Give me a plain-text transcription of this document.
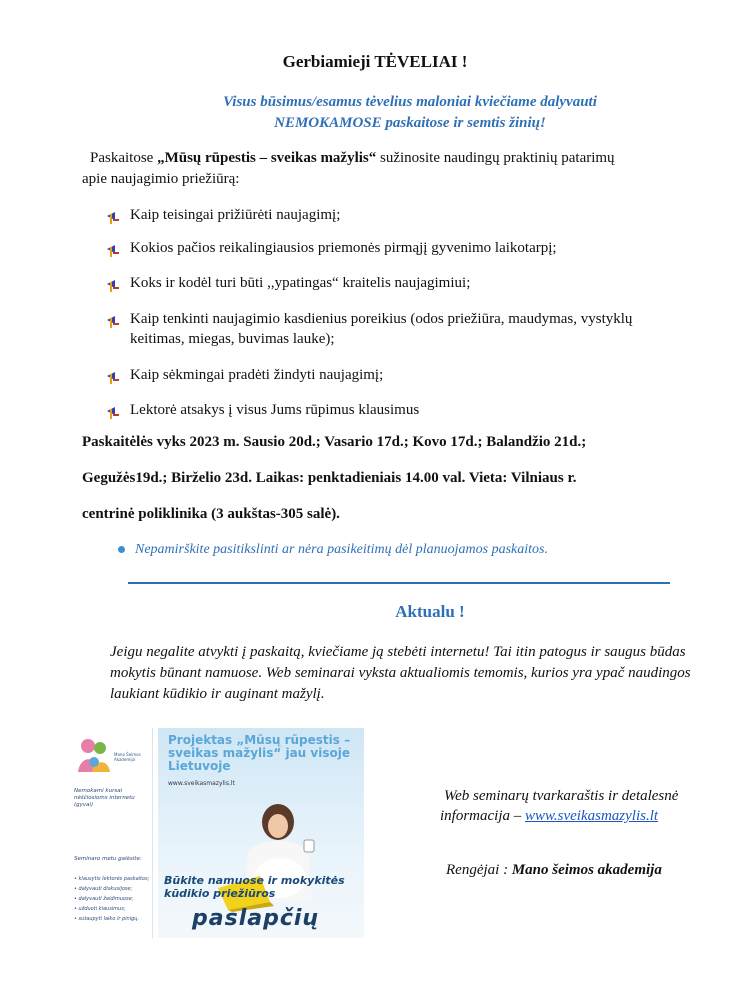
Gerbiamieji TĖVELIAI !
Visus būsimus/esamus tėvelius maloniai kviečiame dalyvauti
NEMOKAMOSE paskaitose ir semtis žinių!
Paskaitose „Mūsų rūpestis – sveikas mažylis“ sužinosite naudingų praktinių patarimų
apie naujagimio priežiūrą:
Kaip teisingai prižiūrėti naujagimį;
Kokios pačios reikalingiausios priemonės pirmąjį gyvenimo laikotarpį;
Koks ir kodėl turi būti ,,ypatingas“ kraitelis naujagimiui;
Kaip tenkinti naujagimio kasdienius poreikius (odos priežiūra, maudymas, vystyklų keitimas, miegas, buvimas lauke);
Kaip sėkmingai pradėti žindyti naujagimį;
Lektorė atsakys į visus Jums rūpimus klausimus
Paskaitėlės vyks 2023 m. Sausio 20d.; Vasario 17d.; Kovo 17d.; Balandžio 21d.;
Gegužės19d.; Birželio 23d. Laikas: penktadieniais 14.00 val. Vieta: Vilniaus r.
centrinė poliklinika (3 aukštas-305 salė).
Nepamirškite pasitikslinti ar nėra pasikeitimų dėl planuojamos paskaitos.
Aktualu !
Jeigu negalite atvykti į paskaitą, kviečiame ją stebėti internetu! Tai itin patogus ir saugus būdas mokytis būnant namuose. Web seminarai vyksta aktualiomis temomis, kurios yra ypač naudingos laukiant kūdikio ir auginant mažylį.
Mano Šeimos Akademija
Nemokami kursai nėščiosioms internetu (gyvai)
Seminaro metu galėsite:
• klausytis lektorės paskaitos;
• dalyvauti diskusijose;
• dalyvauti žaidimuose;
• užduoti klausimus;
• sutaupyti laiko ir pinigų.
Projektas „Mūsų rūpestis – sveikas mažylis“ jau visoje Lietuvoje
www.sveikasmazylis.lt
Būkite namuose ir mokykitės kūdikio priežiūros
paslapčių
Web seminarų tvarkaraštis ir detalesnė
informacija – www.sveikasmazylis.lt
Rengėjai : Mano šeimos akademija
